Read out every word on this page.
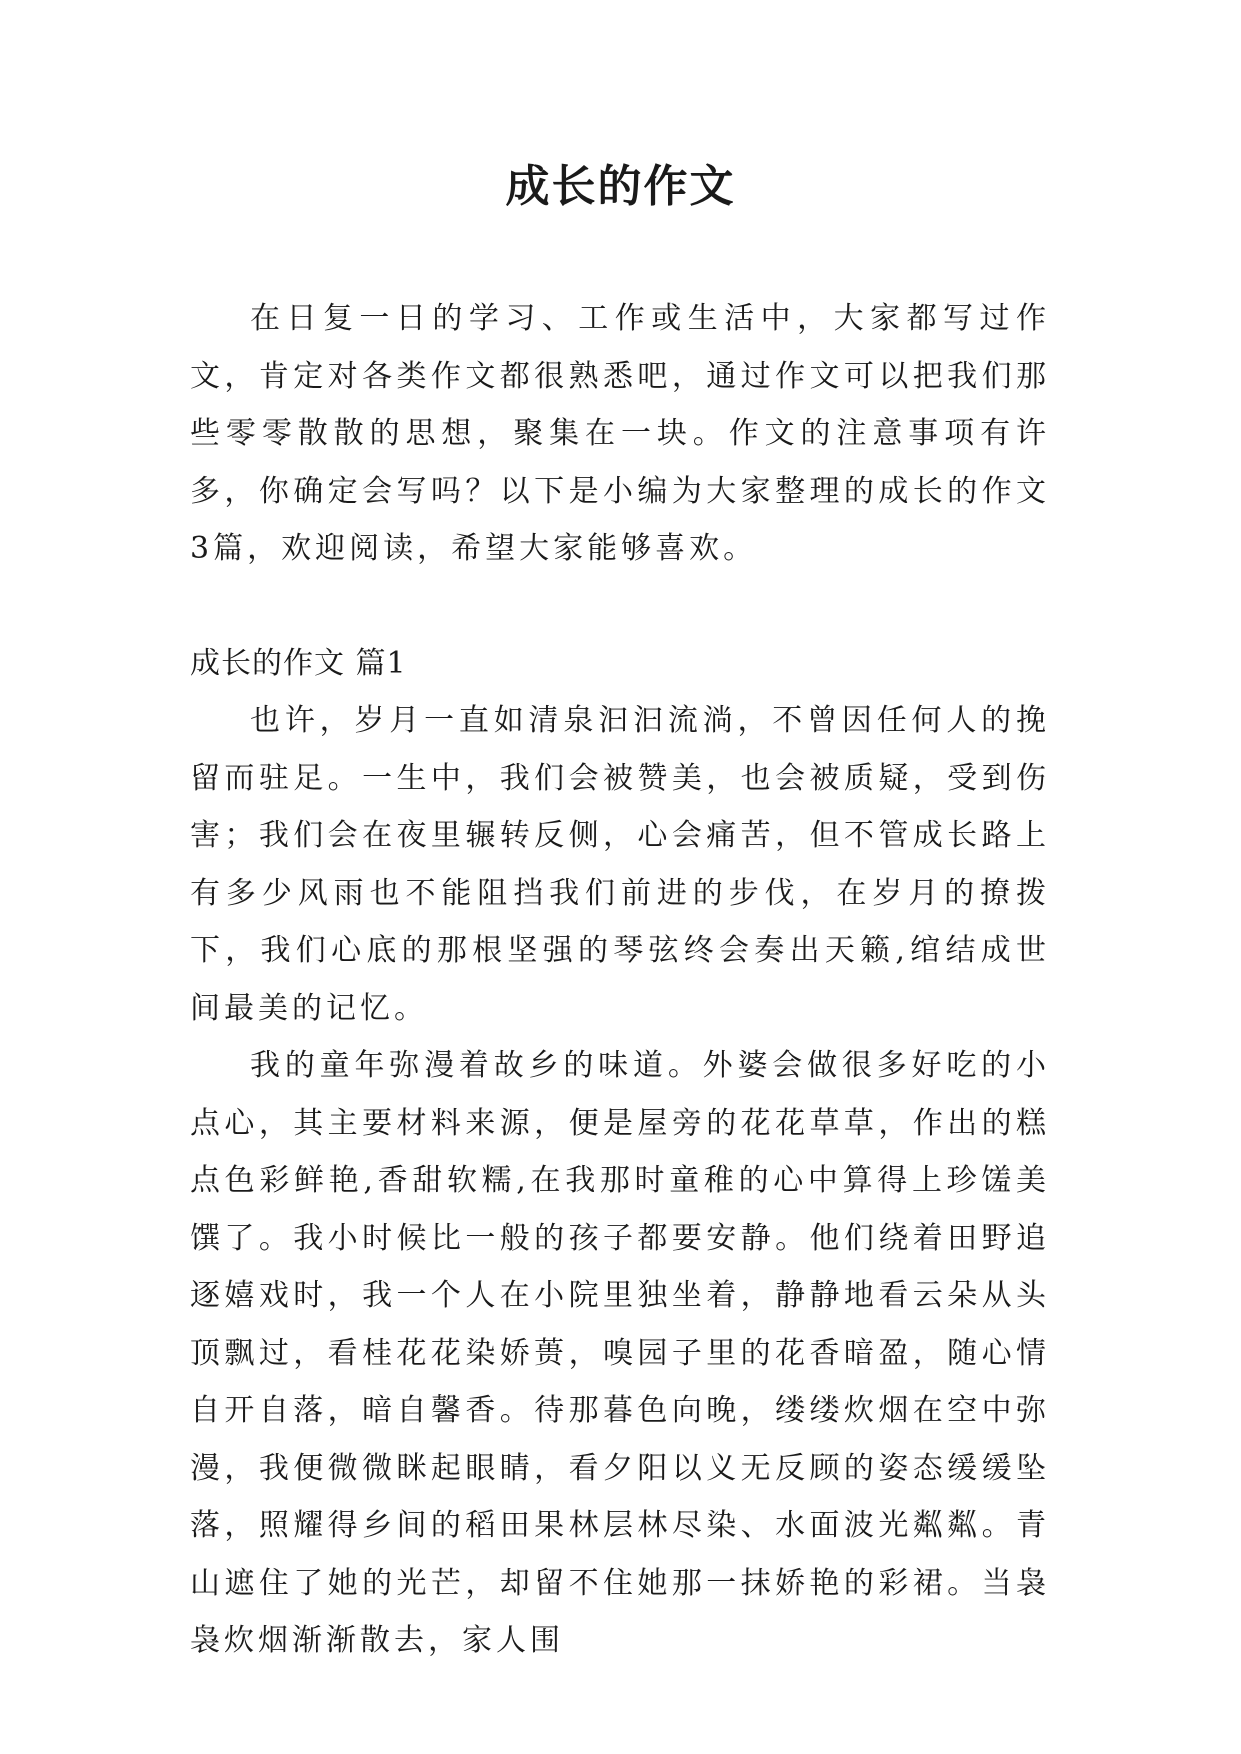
成长的作文

在日复一日的学习、工作或生活中，大家都写过作文，肯定对各类作文都很熟悉吧，通过作文可以把我们那些零零散散的思想，聚集在一块。作文的注意事项有许多，你确定会写吗？以下是小编为大家整理的成长的作文3篇，欢迎阅读，希望大家能够喜欢。

成长的作文 篇1

也许，岁月一直如清泉汩汩流淌，不曾因任何人的挽留而驻足。一生中，我们会被赞美，也会被质疑，受到伤害；我们会在夜里辗转反侧，心会痛苦，但不管成长路上有多少风雨也不能阻挡我们前进的步伐，在岁月的撩拨下，我们心底的那根坚强的琴弦终会奏出天籁,绾结成世间最美的记忆。

我的童年弥漫着故乡的味道。外婆会做很多好吃的小点心，其主要材料来源，便是屋旁的花花草草，作出的糕点色彩鲜艳,香甜软糯,在我那时童稚的心中算得上珍馐美馔了。我小时候比一般的孩子都要安静。他们绕着田野追逐嬉戏时，我一个人在小院里独坐着，静静地看云朵从头顶飘过，看桂花花染娇蒉，嗅园子里的花香暗盈，随心情自开自落，暗自馨香。待那暮色向晚，缕缕炊烟在空中弥漫，我便微微眯起眼睛，看夕阳以义无反顾的姿态缓缓坠落，照耀得乡间的稻田果林层林尽染、水面波光粼粼。青山遮住了她的光芒，却留不住她那一抹娇艳的彩裙。当袅袅炊烟渐渐散去，家人围
